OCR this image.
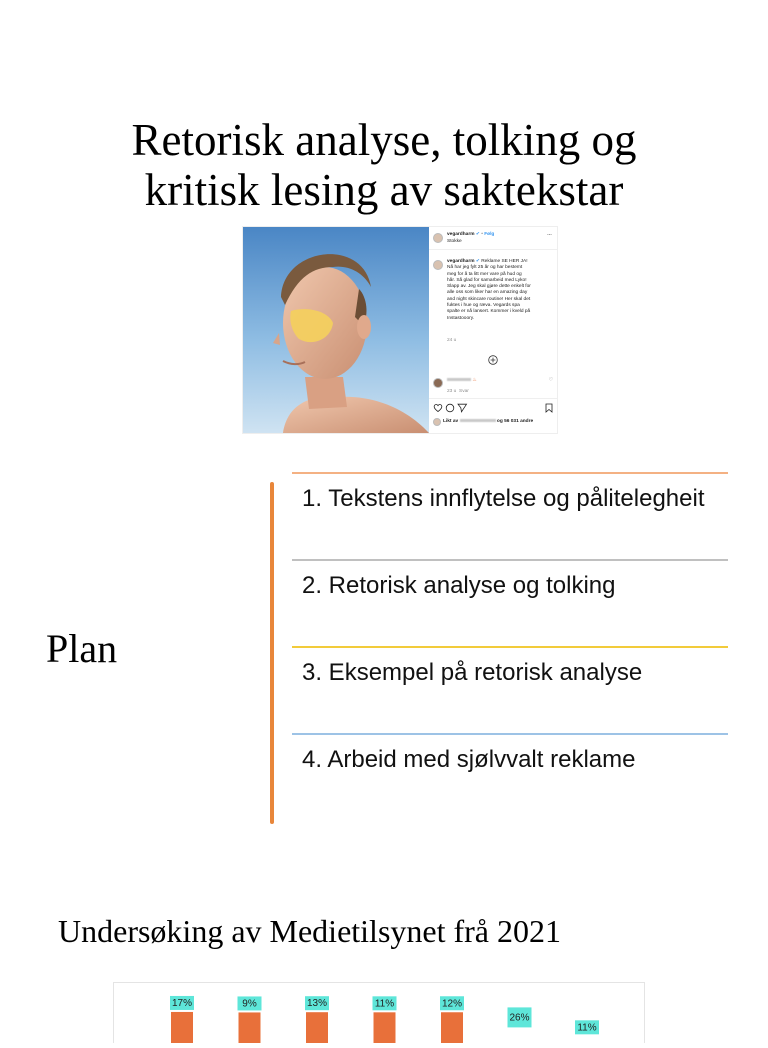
Retorisk analyse, tolking og
kritisk lesing av saktekstar
vegardharm ✔ • Følg
Stokke
···
vegardharm ✔ Reklame SE HER JA!
Nå har jeg fylt 25 år og har bestemt
meg for å ta litt mer vare på hud og
hår. Så glad for samarbeid med Lyko!
Slapp av. Jeg skal gjøre dette enkelt for
alle oss som liker har en amazing day
and night skincare routine! Her skal det
fuktes i hue og ræva. Vegards spa
spalte er nå lansert. Kommer i kveld på
Instastooory.
24 u
♨	♡
23 u Svar
Likt av	og 56 031 andre
Plan
1. Tekstens innflytelse og pålitelegheit
2. Retorisk analyse og tolking
3. Eksempel på retorisk analyse
4. Arbeid med sjølvvalt reklame
Undersøking av Medietilsynet frå 2021
17%	9%	13%	11%	12%
26%
11%
